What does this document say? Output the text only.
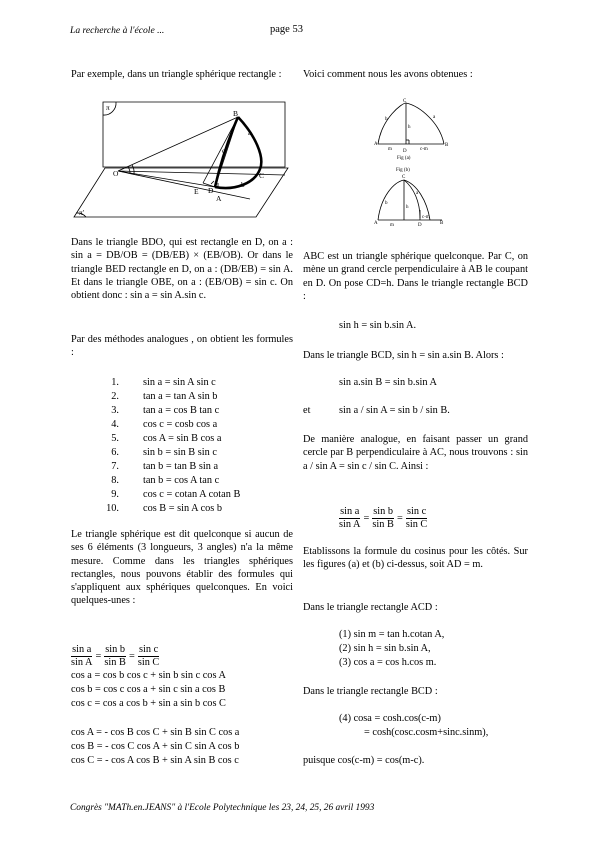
La recherche à l'école ...	page 53
Par exemple, dans un triangle sphérique rectangle :
π
π'
B
O
D
E
A
C
a
b
c
Dans le triangle BDO, qui est rectangle en D, on a : sin a = DB/OB = (DB/EB) × (EB/OB). Or dans le triangle BED rectangle en D, on a : (DB/EB) = sin A. Et dans le triangle OBE, on a : (EB/OB) = sin c. On obtient donc : sin a = sin A.sin c.
Par des méthodes analogues , on obtient les formules :
1. sin a = sin A sin c
2. tan a = tan A sin b
3. tan a = cos B tan c
4. cos c = cosb cos a
5. cos A = sin B cos a
6. sin b = sin B sin c
7. tan b = tan B sin a
8. tan b = cos A tan c
9. cos c = cotan A cotan B
10. cos B = sin A cos b
Le triangle sphérique est dit quelconque si aucun de ses 6 éléments (3 longueurs, 3 angles) n'a la même mesure. Comme dans les triangles sphériques rectangles, nous pouvons établir des formules qui s'appliquent aux sphériques quelconques. En voici quelques-unes :
$\frac{\text{sin a}}{\text{sin A}} = \frac{\text{sin b}}{\text{sin B}} = \frac{\text{sin c}}{\text{sin C}}$
cos a = cos b cos c + sin b sin c cos A
cos b = cos c cos a + sin c sin a cos B
cos c = cos a cos b + sin a sin b cos C
cos A = - cos B cos C + sin B sin C cos a
cos B = - cos C cos A + sin C sin A cos b
cos C = - cos A cos B + sin A sin B cos c
Voici comment nous les avons obtenues :
C
A	B
D
h
a
b
m	c-m
Fig (a)
Fig (b)
C
A	B
D
b
a
h
m
c-m
ABC est un triangle sphérique quelconque. Par C, on mène un grand cercle perpendiculaire à AB le coupant en D. On pose CD=h. Dans le triangle rectangle BCD :
sin h = sin b.sin A.
Dans le triangle BCD, sin h = sin a.sin B. Alors :
sin a.sin B = sin b.sin A
et	sin a / sin A = sin b / sin B.
De manière analogue, en faisant passer un grand cercle par B perpendiculaire à AC, nous trouvons : sin a / sin A = sin c / sin C. Ainsi :
$\frac{\text{sin a}}{\text{sin A}} = \frac{\text{sin b}}{\text{sin B}} = \frac{\text{sin c}}{\text{sin C}}$
Etablissons la formule du cosinus pour les côtés. Sur les figures (a) et (b) ci-dessus, soit AD = m.
Dans le triangle rectangle ACD :
(1) sin m = tan h.cotan A,
(2) sin h = sin b.sin A,
(3) cos a = cos h.cos m.
Dans le triangle rectangle BCD :
(4) cosa = cosh.cos(c-m)
= cosh(cosc.cosm+sinc.sinm),
puisque cos(c-m) = cos(m-c).
Congrès "MATh.en.JEANS" à l'Ecole Polytechnique les 23, 24, 25, 26 avril 1993
